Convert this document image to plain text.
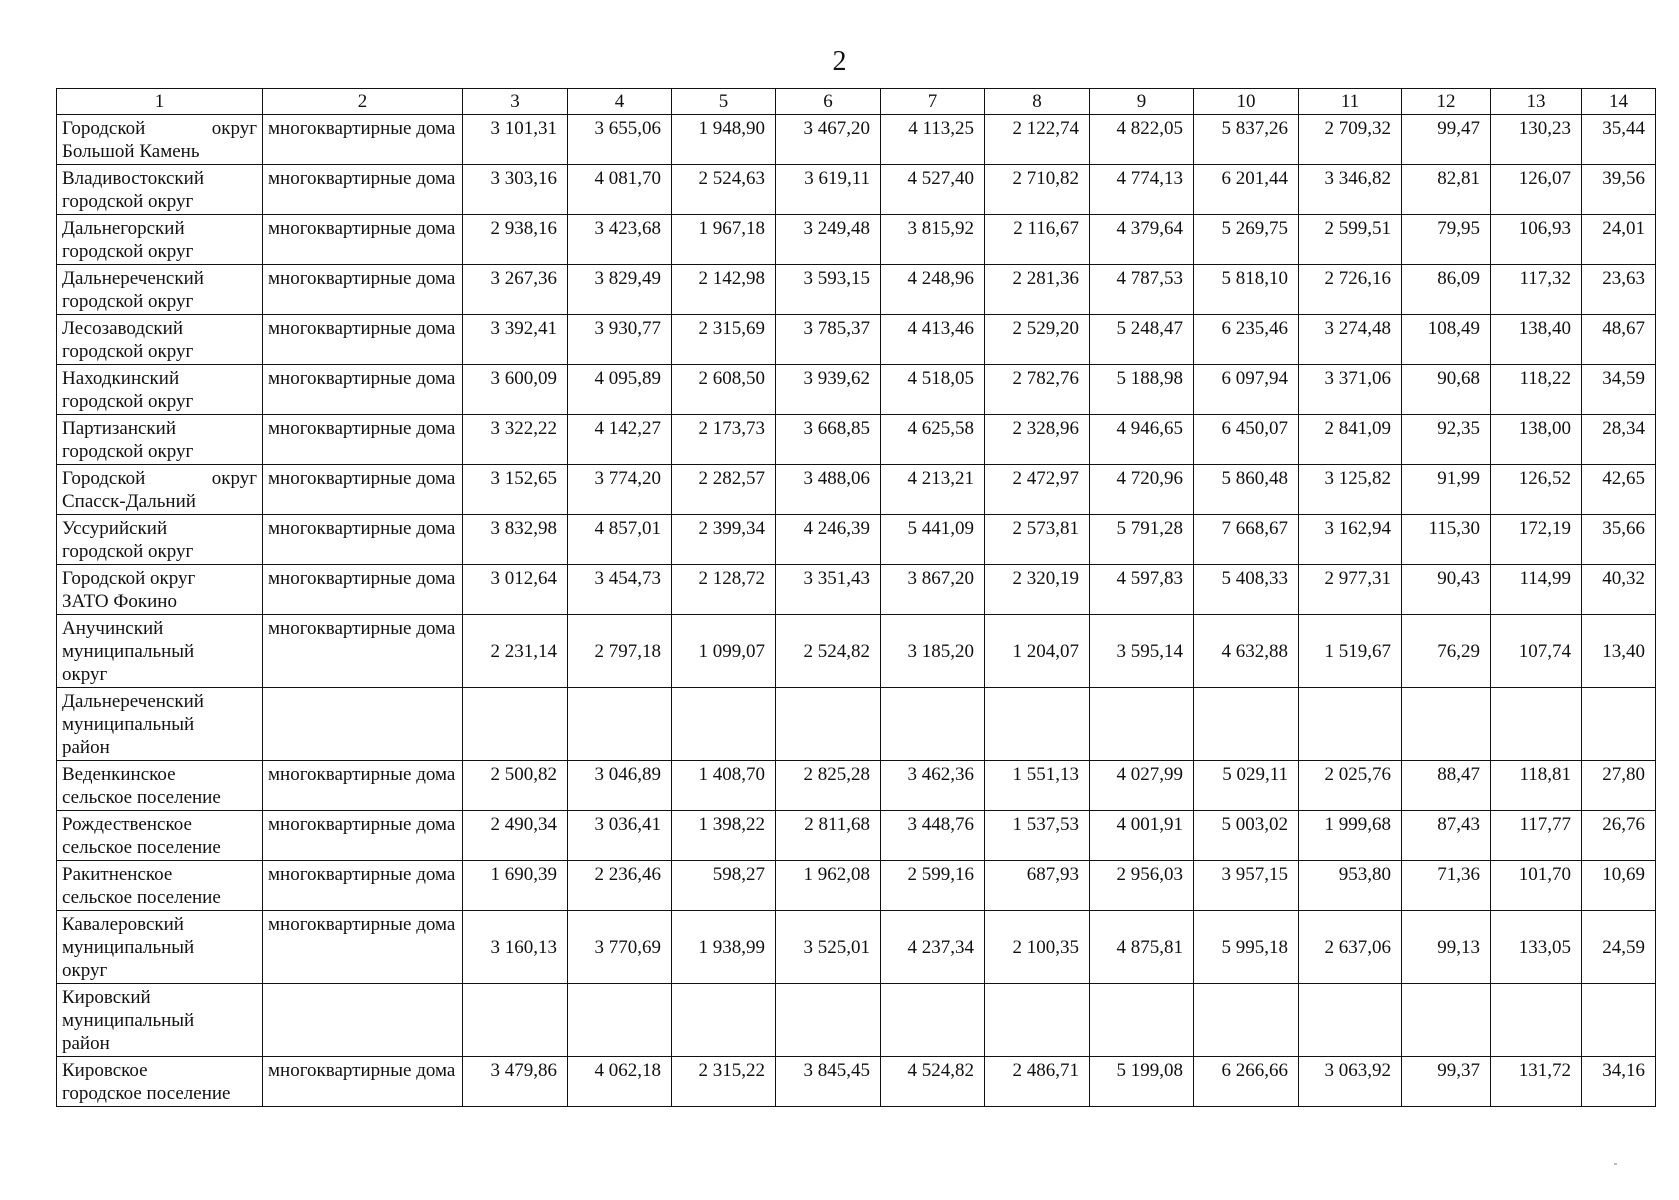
2
1	2	3	4	5	6	7	8	9	10	11	12	13	14

Городской округ
Большой Камень	многоквартирные дома	3 101,31	3 655,06	1 948,90	3 467,20	4 113,25	2 122,74	4 822,05	5 837,26	2 709,32	99,47	130,23	35,44

Владивостокский
городской округ	многоквартирные дома	3 303,16	4 081,70	2 524,63	3 619,11	4 527,40	2 710,82	4 774,13	6 201,44	3 346,82	82,81	126,07	39,56

Дальнегорский
городской округ	многоквартирные дома	2 938,16	3 423,68	1 967,18	3 249,48	3 815,92	2 116,67	4 379,64	5 269,75	2 599,51	79,95	106,93	24,01

Дальнереченский
городской округ	многоквартирные дома	3 267,36	3 829,49	2 142,98	3 593,15	4 248,96	2 281,36	4 787,53	5 818,10	2 726,16	86,09	117,32	23,63

Лесозаводский
городской округ	многоквартирные дома	3 392,41	3 930,77	2 315,69	3 785,37	4 413,46	2 529,20	5 248,47	6 235,46	3 274,48	108,49	138,40	48,67

Находкинский
городской округ	многоквартирные дома	3 600,09	4 095,89	2 608,50	3 939,62	4 518,05	2 782,76	5 188,98	6 097,94	3 371,06	90,68	118,22	34,59

Партизанский
городской округ	многоквартирные дома	3 322,22	4 142,27	2 173,73	3 668,85	4 625,58	2 328,96	4 946,65	6 450,07	2 841,09	92,35	138,00	28,34

Городской округ
Спасск-Дальний	многоквартирные дома	3 152,65	3 774,20	2 282,57	3 488,06	4 213,21	2 472,97	4 720,96	5 860,48	3 125,82	91,99	126,52	42,65

Уссурийский
городской округ	многоквартирные дома	3 832,98	4 857,01	2 399,34	4 246,39	5 441,09	2 573,81	5 791,28	7 668,67	3 162,94	115,30	172,19	35,66

Городской округ
ЗАТО Фокино	многоквартирные дома	3 012,64	3 454,73	2 128,72	3 351,43	3 867,20	2 320,19	4 597,83	5 408,33	2 977,31	90,43	114,99	40,32

Анучинский
муниципальный
округ	многоквартирные дома	2 231,14	2 797,18	1 099,07	2 524,82	3 185,20	1 204,07	3 595,14	4 632,88	1 519,67	76,29	107,74	13,40

Дальнереченский
муниципальный
район													

Веденкинское
сельское поселение	многоквартирные дома	2 500,82	3 046,89	1 408,70	2 825,28	3 462,36	1 551,13	4 027,99	5 029,11	2 025,76	88,47	118,81	27,80

Рождественское
сельское поселение	многоквартирные дома	2 490,34	3 036,41	1 398,22	2 811,68	3 448,76	1 537,53	4 001,91	5 003,02	1 999,68	87,43	117,77	26,76

Ракитненское
сельское поселение	многоквартирные дома	1 690,39	2 236,46	598,27	1 962,08	2 599,16	687,93	2 956,03	3 957,15	953,80	71,36	101,70	10,69

Кавалеровский
муниципальный
округ	многоквартирные дома	3 160,13	3 770,69	1 938,99	3 525,01	4 237,34	2 100,35	4 875,81	5 995,18	2 637,06	99,13	133,05	24,59

Кировский
муниципальный
район													

Кировское
городское поселение	многоквартирные дома	3 479,86	4 062,18	2 315,22	3 845,45	4 524,82	2 486,71	5 199,08	6 266,66	3 063,92	99,37	131,72	34,16
